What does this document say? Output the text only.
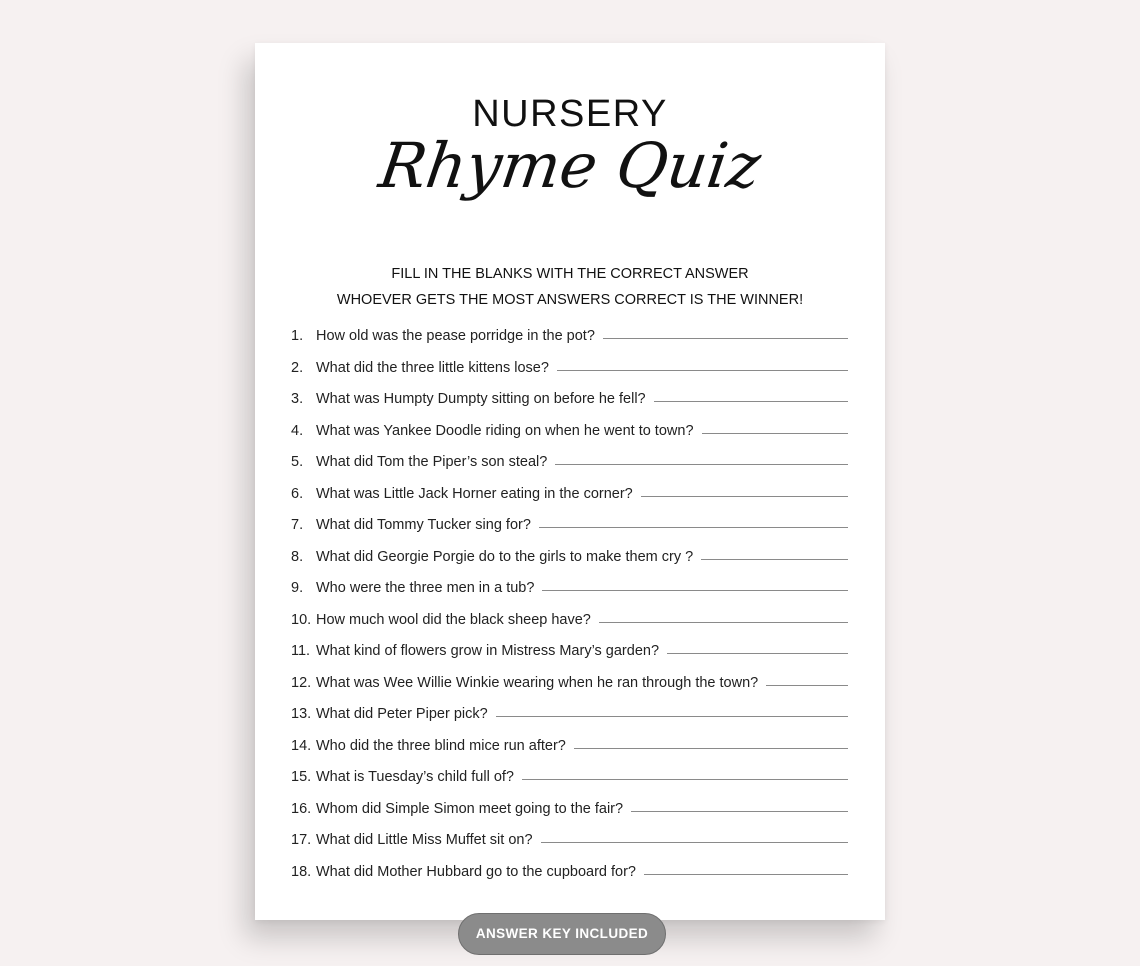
NURSERY
Rhyme Quiz
FILL IN THE BLANKS WITH THE CORRECT ANSWER
WHOEVER GETS THE MOST ANSWERS CORRECT IS THE WINNER!
1. How old was the pease porridge in the pot?
2. What did the three little kittens lose?
3. What was Humpty Dumpty sitting on before he fell?
4. What was Yankee Doodle riding on when he went to town?
5. What did Tom the Piper’s son steal?
6. What was Little Jack Horner eating in the corner?
7. What did Tommy Tucker sing for?
8. What did Georgie Porgie do to the girls to make them cry ?
9. Who were the three men in a tub?
10. How much wool did the black sheep have?
11. What kind of flowers grow in Mistress Mary’s garden?
12. What was Wee Willie Winkie wearing when he ran through the town?
13. What did Peter Piper pick?
14. Who did the three blind mice run after?
15. What is Tuesday’s child full of?
16. Whom did Simple Simon meet going to the fair?
17. What did Little Miss Muffet sit on?
18. What did Mother Hubbard go to the cupboard for?
ANSWER KEY INCLUDED
